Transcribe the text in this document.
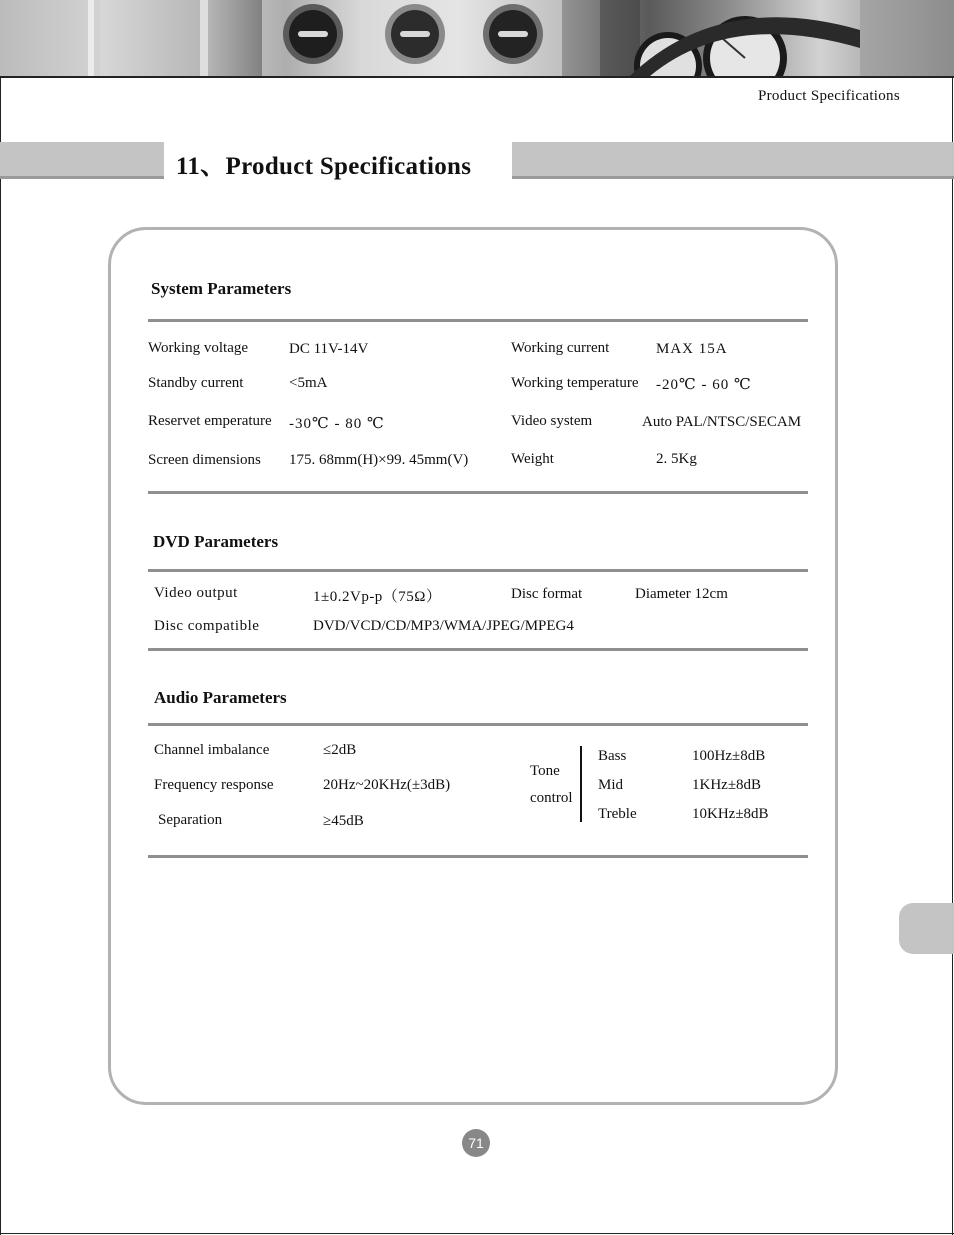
Product Specifications
11、Product Specifications
System Parameters
Working voltage	DC 11V-14V	Working current	MAX 15A
Standby current	<5mA	Working temperature -20℃ - 60 ℃
Reservet emperature -30℃ - 80 ℃	Video system	Auto PAL/NTSC/SECAM
Screen dimensions 175. 68mm(H)×99. 45mm(V)	Weight	2. 5Kg
DVD Parameters
Video output	1±0.2Vp-p（75Ω）	Disc format	Diameter 12cm
Disc compatible	DVD/VCD/CD/MP3/WMA/JPEG/MPEG4
Audio Parameters
Channel imbalance	≤2dB
Frequency response	20Hz~20KHz(±3dB)
Separation	≥45dB
Tone
control
Bass	100Hz±8dB
Mid	1KHz±8dB
Treble	10KHz±8dB
71
